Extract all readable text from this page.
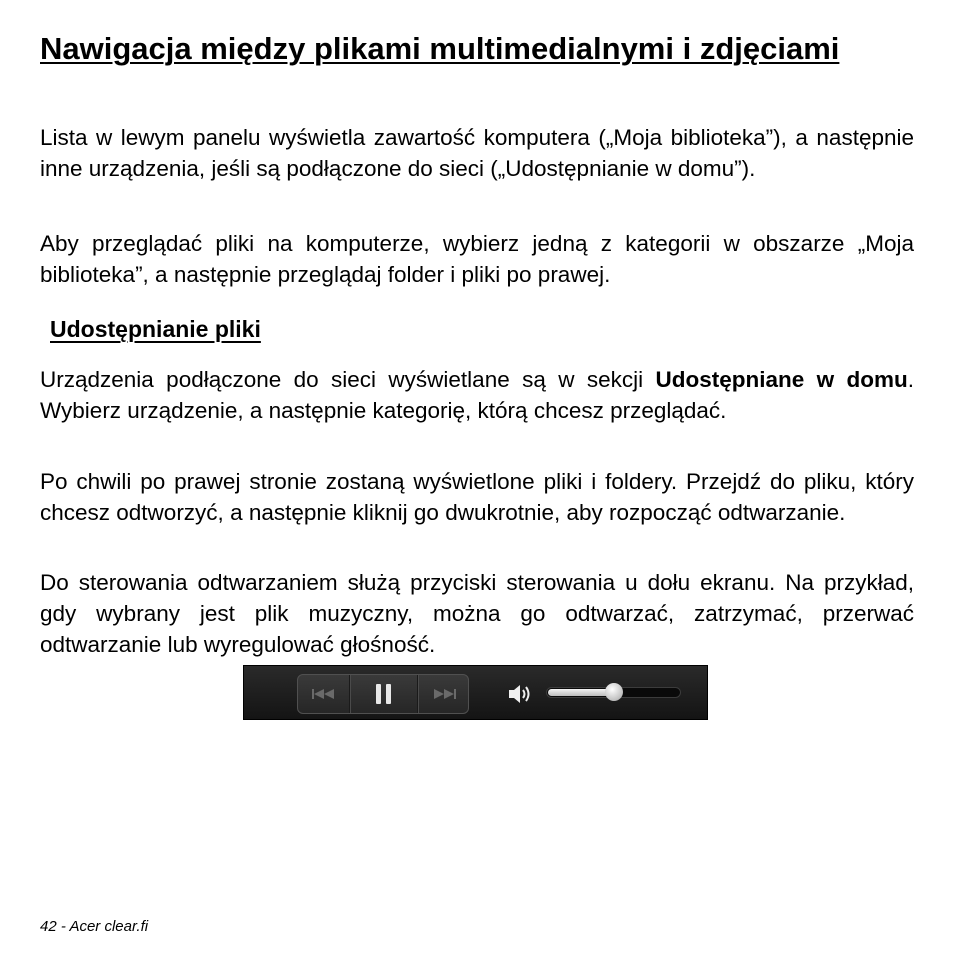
Nawigacja między plikami multimedialnymi i zdjęciami

Lista w lewym panelu wyświetla zawartość komputera („Moja biblioteka”), a następnie inne urządzenia, jeśli są podłączone do sieci („Udostępnianie w domu”).

Aby przeglądać pliki na komputerze, wybierz jedną z kategorii w obszarze „Moja biblioteka”, a następnie przeglądaj folder i pliki po prawej.

Udostępnianie pliki

Urządzenia podłączone do sieci wyświetlane są w sekcji Udostępniane w domu. Wybierz urządzenie, a następnie kategorię, którą chcesz przeglądać.

Po chwili po prawej stronie zostaną wyświetlone pliki i foldery. Przejdź do pliku, który chcesz odtworzyć, a następnie kliknij go dwukrotnie, aby rozpocząć odtwarzanie.

Do sterowania odtwarzaniem służą przyciski sterowania u dołu ekranu. Na przykład, gdy wybrany jest plik muzyczny, można go odtwarzać, zatrzymać, przerwać odtwarzanie lub wyregulować głośność.

42 - Acer clear.fi
